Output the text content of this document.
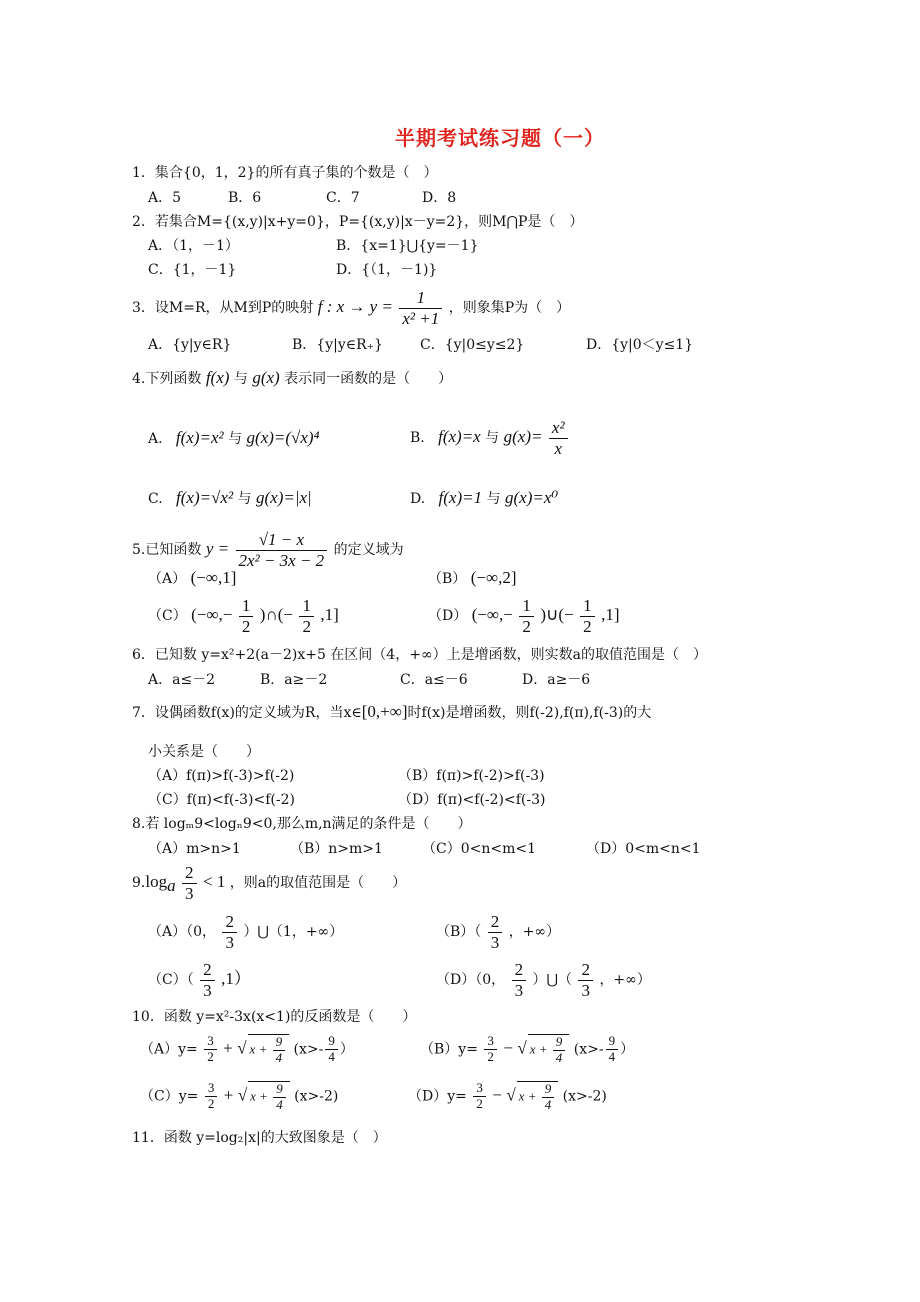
半期考试练习题（一）
1．集合{0，1，2}的所有真子集的个数是（　）
A．5	B．6	C．7	D．8
2．若集合M={(x,y)|x+y=0}，P={(x,y)|x－y=2}，则M⋂P是（　）
A．（1，－1）	B．{x=1}⋃{y=－1}
C．{1，－1}	D．{（1，－1)}
3．设M=R，从M到P的映射 f : $x \to y = \frac{1}{\text{x² +1}}$ ，则象集P为（　）
A．{y|y∈R}	B．{y|y∈R₊}	C．{y|0≤y≤2}	D．{y|0＜y≤1}
4.下列函数 f(x) 与 g(x) 表示同一函数的是（　　）
A. f(x)=x² 与 g(x)=(√x)⁴	B. f(x)=x 与 $g(x)= \frac{\text{x²}}{x}$
C. f(x)=√x² 与 g(x)=|x|	D. f(x)=1 与 g(x)=x⁰
5.已知函数 $y = \frac{√1 - x}{\text{2x² − 3x − 2}}$ 的定义域为
（A） (−∞,1]	（B） (−∞,2]
（C） (−∞,− $\frac{1}{2}$ )∩(− $\frac{1}{2} ,1$]	（D） (−∞,− $\frac{1}{2}$ )∪(− $\frac{1}{2} ,1$]
6．已知数 y=x²+2(a－2)x+5 在区间（4，+∞）上是增函数，则实数a的取值范围是（　）
A．a≤－2	B．a≥－2	C．a≤－6	D．a≥－6
7．设偶函数f(x)的定义域为R，当x∈[0,+∞]时f(x)是增函数，则f(-2),f(π),f(-3)的大
小关系是（　　）
（A）f(π)>f(-3)>f(-2)	（B）f(π)>f(-2)>f(-3)
（C）f(π)<f(-3)<f(-2)	（D）f(π)<f(-2)<f(-3)
8.若 logₘ9<logₙ9<0,那么m,n满足的条件是（　　）
（A）m>n>1	（B）n>m>1	（C）0<n<m<1	（D）0<m<n<1
$9.\log_a \frac{2}{3} < 1$ ，则a的取值范围是（　　）
（A）（0， $\frac{2}{3}$ ）⋃（1，+∞）	$(B)( \frac{2}{3}$ ，+∞）
$(C)( \frac{2}{3} ,1)$	（D）（0， $\frac{2}{3}$ ）⋃（ $\frac{2}{3}$ ，+∞）
10．函数 y=x²-3x(x<1)的反函数是（　　）
$(A)y= \frac{3}{2}$ + √ $x + \frac{9}{4} (x>- \frac{9}{4}$ ）	$(B)y= \frac{3}{2}$ − √ $x + \frac{9}{4} (x>- \frac{9}{4}$ ）
$(C)y= \frac{3}{2}$ + √ $x + \frac{9}{4} (x>-2)$	$(D)y= \frac{3}{2}$ − √ $x + \frac{9}{4} (x>-2)$
11．函数 y=log₂|x|的大致图象是（　）
